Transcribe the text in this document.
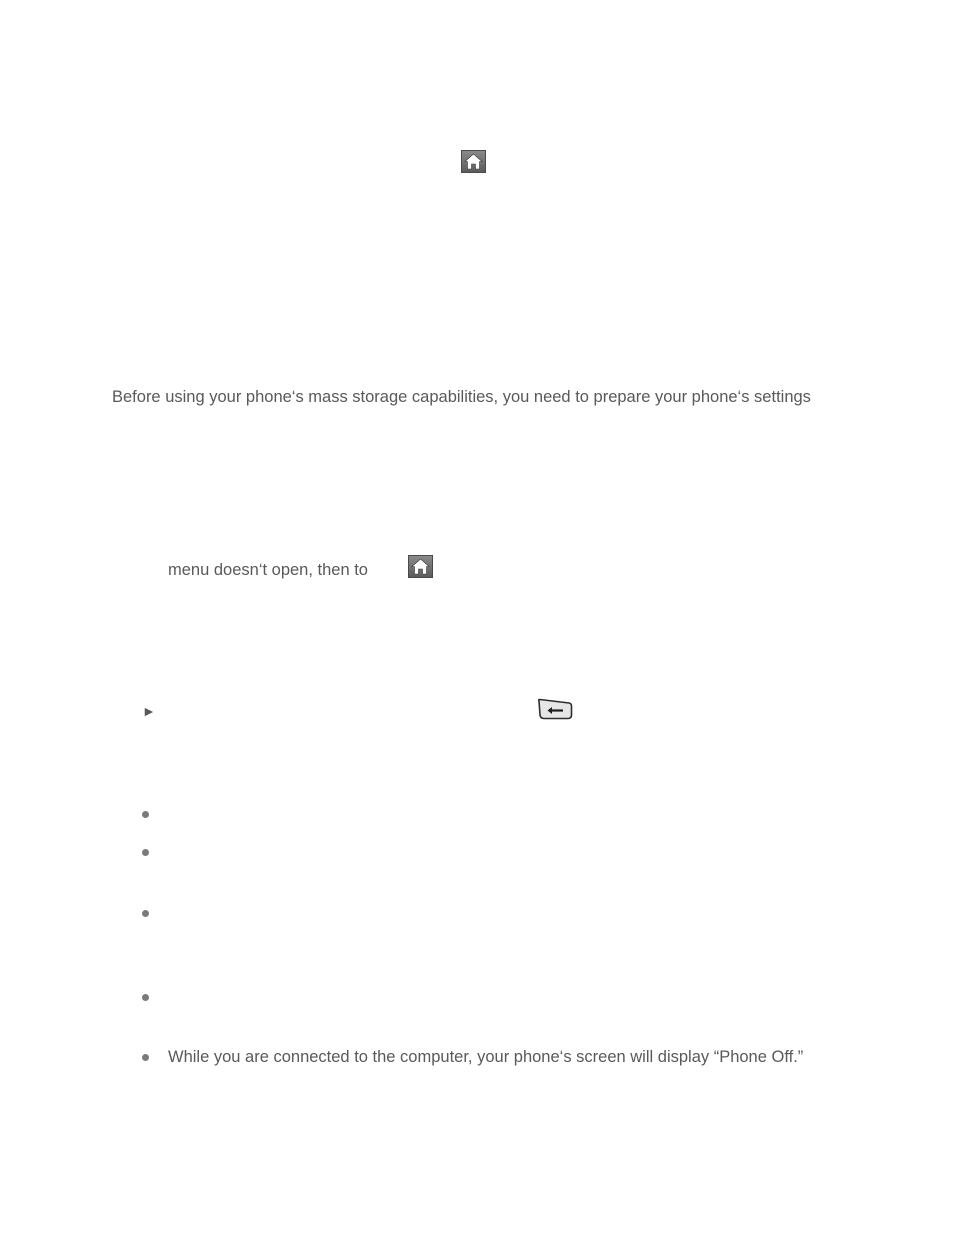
Before using your phone‘s mass storage capabilities, you need to prepare your phone‘s settings
menu doesn‘t open, then to
►
While you are connected to the computer, your phone‘s screen will display “Phone Off.”
